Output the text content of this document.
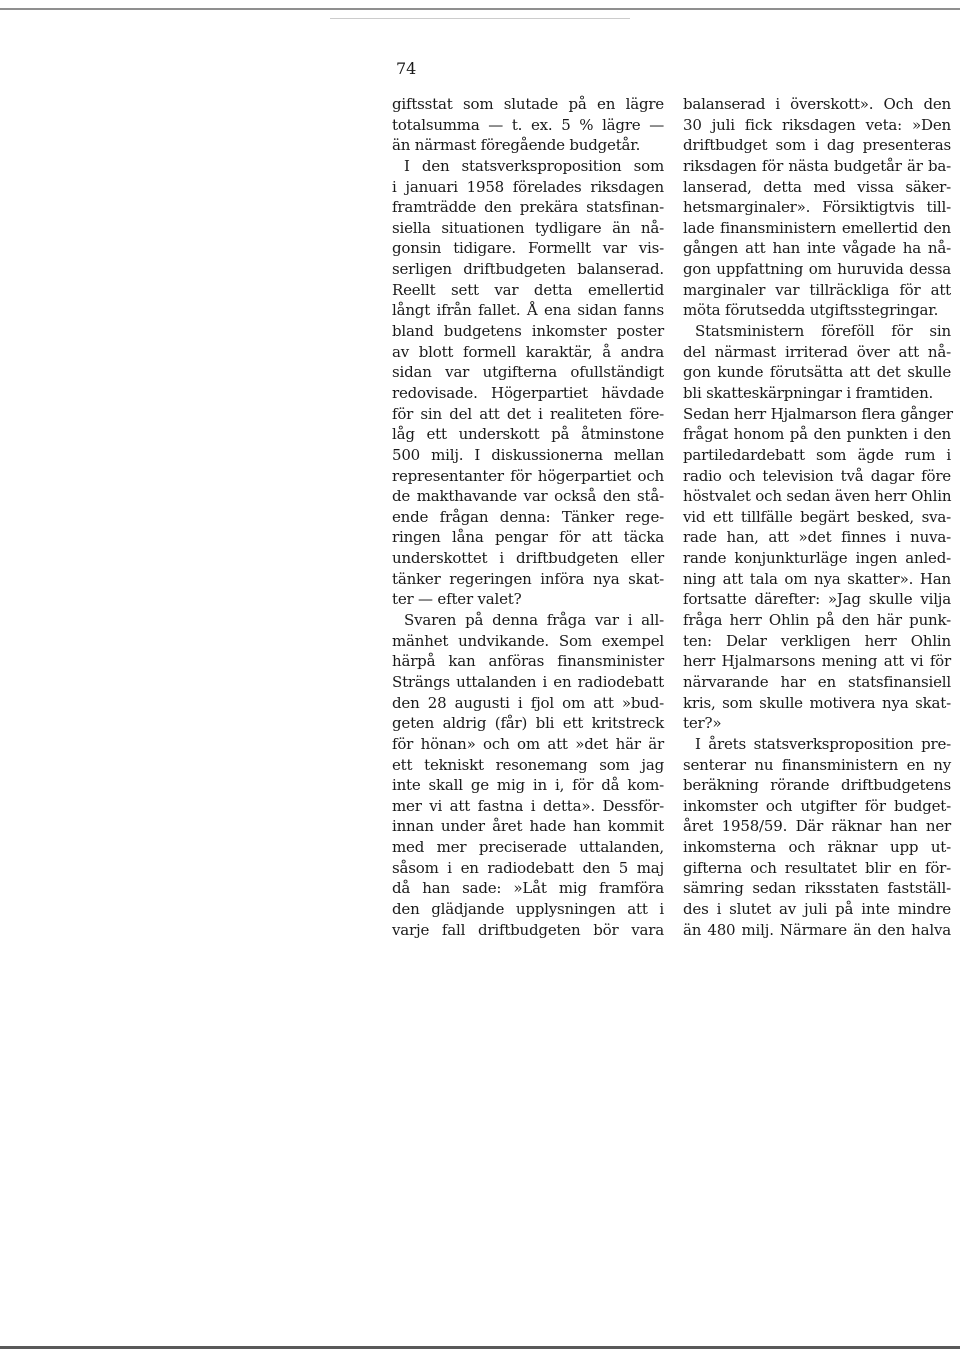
74
giftsstat som slutade på en lägre
totalsumma — t. ex. 5 % lägre —
än närmast föregående budgetår.
I den statsverksproposition som
i januari 1958 förelades riksdagen
framträdde den prekära statsfinan-
siella situationen tydligare än nå-
gonsin tidigare. Formellt var vis-
serligen driftbudgeten balanserad.
Reellt sett var detta emellertid
långt ifrån fallet. Å ena sidan fanns
bland budgetens inkomster poster
av blott formell karaktär, å andra
sidan var utgifterna ofullständigt
redovisade. Högerpartiet hävdade
för sin del att det i realiteten före-
låg ett underskott på åtminstone
500 milj. I diskussionerna mellan
representanter för högerpartiet och
de makthavande var också den stå-
ende frågan denna: Tänker rege-
ringen låna pengar för att täcka
underskottet i driftbudgeten eller
tänker regeringen införa nya skat-
ter — efter valet?
Svaren på denna fråga var i all-
mänhet undvikande. Som exempel
härpå kan anföras finansminister
Strängs uttalanden i en radiodebatt
den 28 augusti i fjol om att »bud-
geten aldrig (får) bli ett kritstreck
för hönan» och om att »det här är
ett tekniskt resonemang som jag
inte skall ge mig in i, för då kom-
mer vi att fastna i detta». Dessför-
innan under året hade han kommit
med mer preciserade uttalanden,
såsom i en radiodebatt den 5 maj
då han sade: »Låt mig framföra
den glädjande upplysningen att i
varje fall driftbudgeten bör vara
balanserad i överskott». Och den
30 juli fick riksdagen veta: »Den
driftbudget som i dag presenteras
riksdagen för nästa budgetår är ba-
lanserad, detta med vissa säker-
hetsmarginaler». Försiktigtvis till-
lade finansministern emellertid den
gången att han inte vågade ha nå-
gon uppfattning om huruvida dessa
marginaler var tillräckliga för att
möta förutsedda utgiftsstegringar.
Statsministern föreföll för sin
del närmast irriterad över att nå-
gon kunde förutsätta att det skulle
bli skatteskärpningar i framtiden.
Sedan herr Hjalmarson flera gånger
frågat honom på den punkten i den
partiledardebatt som ägde rum i
radio och television två dagar före
höstvalet och sedan även herr Ohlin
vid ett tillfälle begärt besked, sva-
rade han, att »det finnes i nuva-
rande konjunkturläge ingen anled-
ning att tala om nya skatter». Han
fortsatte därefter: »Jag skulle vilja
fråga herr Ohlin på den här punk-
ten: Delar verkligen herr Ohlin
herr Hjalmarsons mening att vi för
närvarande har en statsfinansiell
kris, som skulle motivera nya skat-
ter?»
I årets statsverksproposition pre-
senterar nu finansministern en ny
beräkning rörande driftbudgetens
inkomster och utgifter för budget-
året 1958/59. Där räknar han ner
inkomsterna och räknar upp ut-
gifterna och resultatet blir en för-
sämring sedan riksstaten fastställ-
des i slutet av juli på inte mindre
än 480 milj. Närmare än den halva
